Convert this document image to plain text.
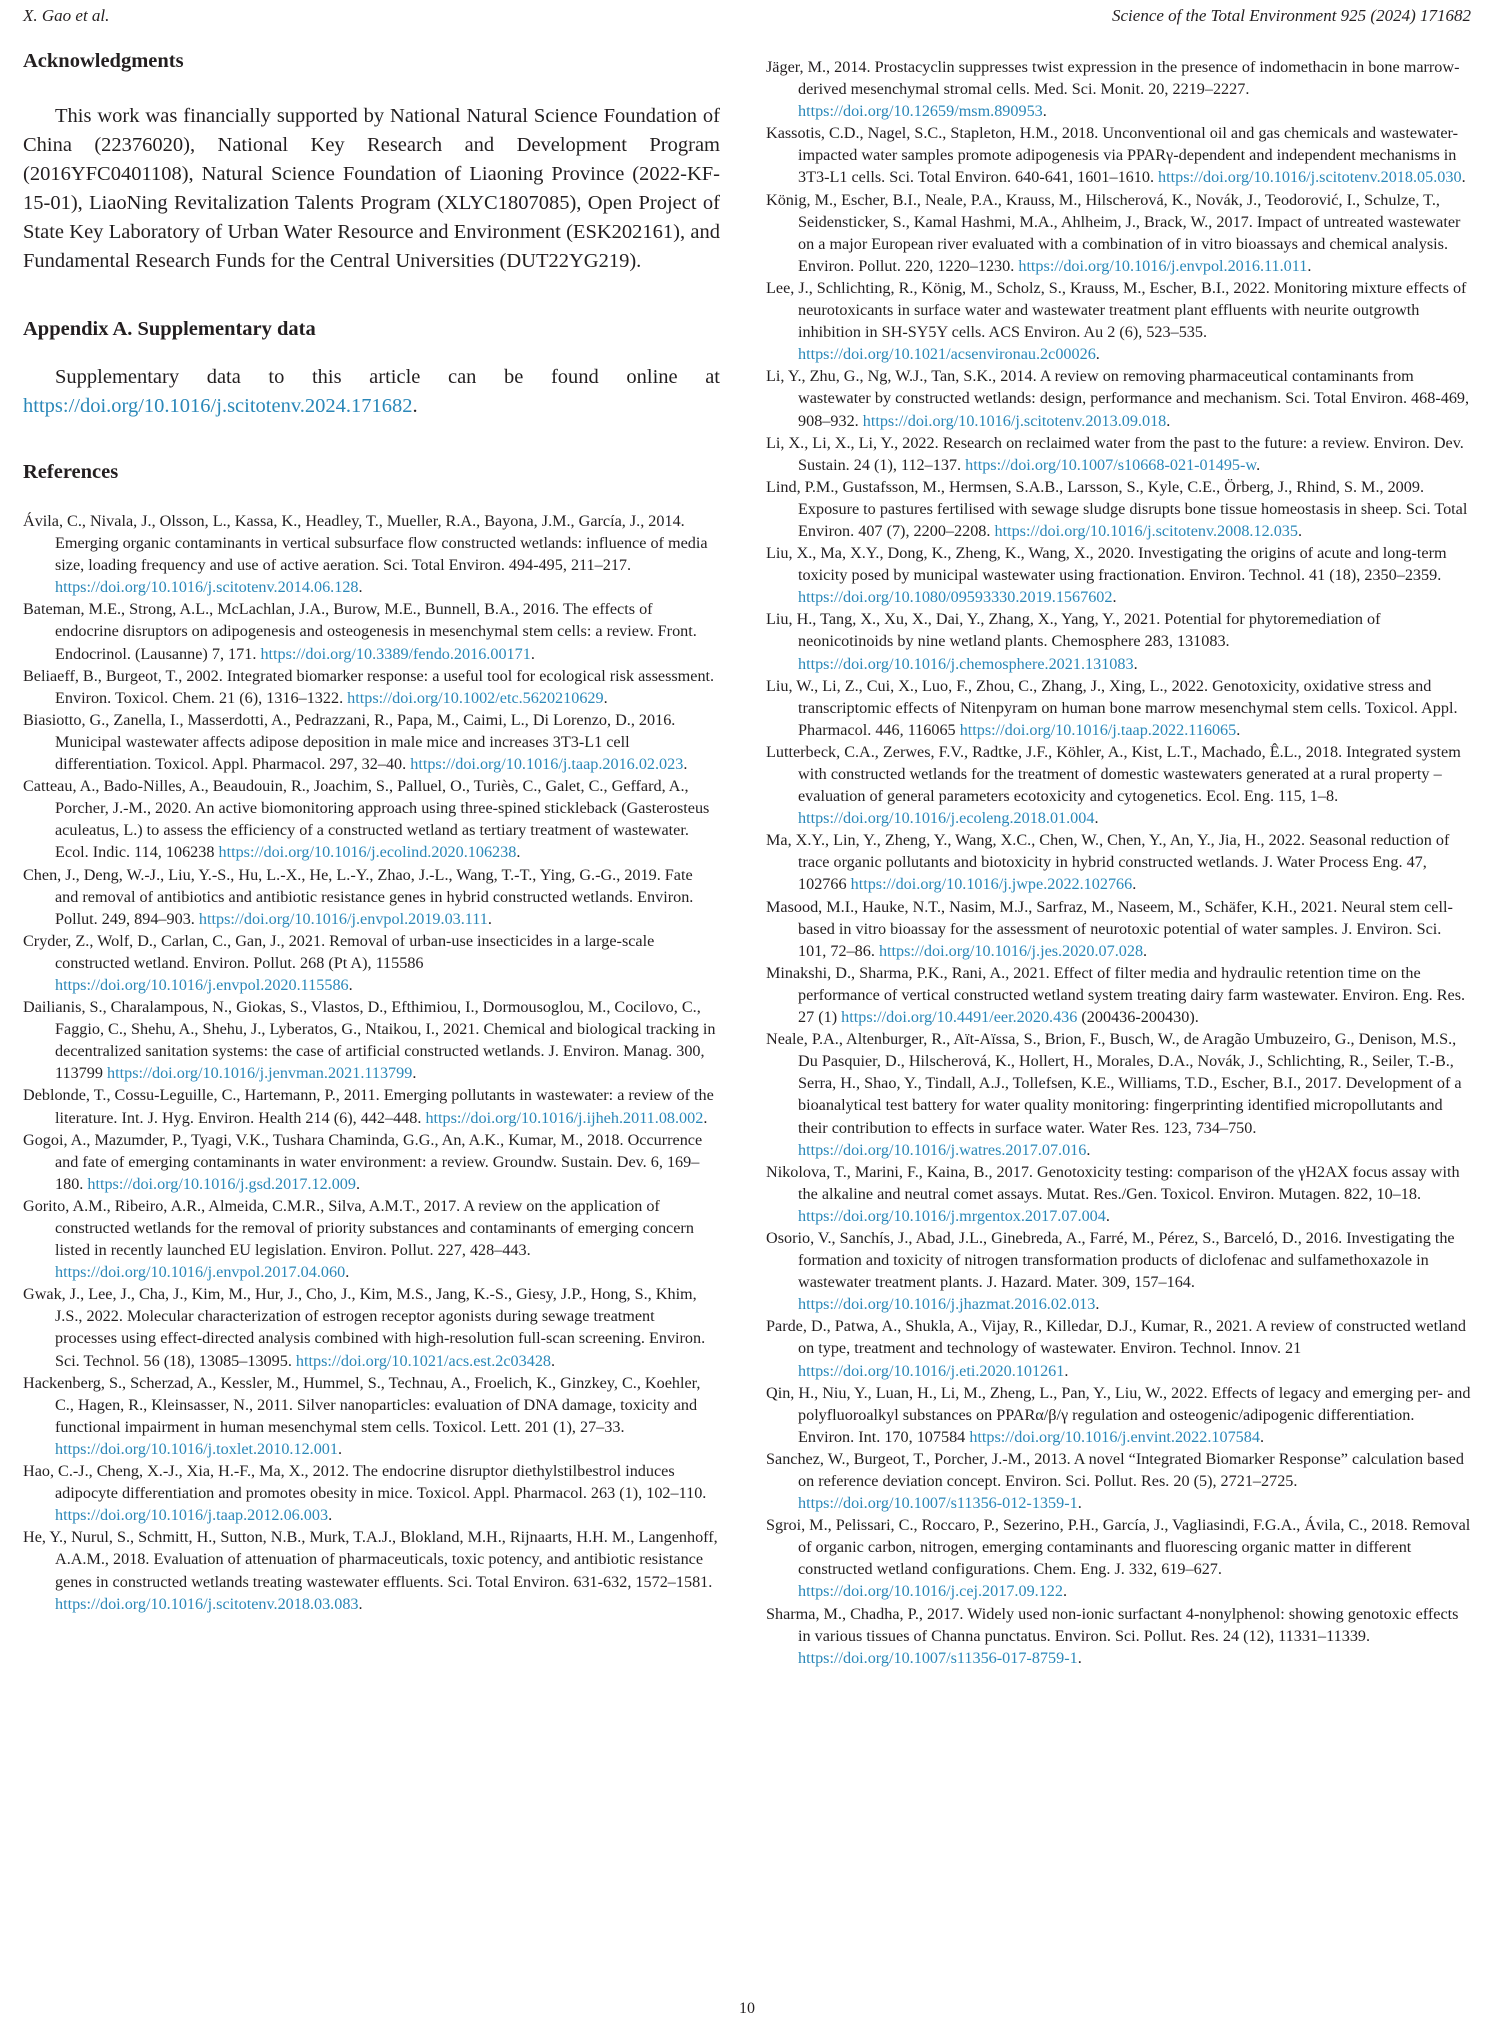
X. Gao et al.	Science of the Total Environment 925 (2024) 171682
Acknowledgments

This work was financially supported by National Natural Science Foundation of China (22376020), National Key Research and Development Program (2016YFC0401108), Natural Science Foundation of Liaoning Province (2022-KF-15-01), LiaoNing Revitalization Talents Program (XLYC1807085), Open Project of State Key Laboratory of Urban Water Resource and Environment (ESK202161), and Fundamental Research Funds for the Central Universities (DUT22YG219).

Appendix A. Supplementary data

Supplementary data to this article can be found online at https://doi.org/10.1016/j.scitotenv.2024.171682.

References

Ávila, C., Nivala, J., Olsson, L., Kassa, K., Headley, T., Mueller, R.A., Bayona, J.M., García, J., 2014. Emerging organic contaminants in vertical subsurface flow constructed wetlands: influence of media size, loading frequency and use of active aeration. Sci. Total Environ. 494-495, 211–217. https://doi.org/10.1016/j.scitotenv.2014.06.128.

Bateman, M.E., Strong, A.L., McLachlan, J.A., Burow, M.E., Bunnell, B.A., 2016. The effects of endocrine disruptors on adipogenesis and osteogenesis in mesenchymal stem cells: a review. Front. Endocrinol. (Lausanne) 7, 171. https://doi.org/10.3389/fendo.2016.00171.

Beliaeff, B., Burgeot, T., 2002. Integrated biomarker response: a useful tool for ecological risk assessment. Environ. Toxicol. Chem. 21 (6), 1316–1322. https://doi.org/10.1002/etc.5620210629.

Biasiotto, G., Zanella, I., Masserdotti, A., Pedrazzani, R., Papa, M., Caimi, L., Di Lorenzo, D., 2016. Municipal wastewater affects adipose deposition in male mice and increases 3T3-L1 cell differentiation. Toxicol. Appl. Pharmacol. 297, 32–40. https://doi.org/10.1016/j.taap.2016.02.023.

Catteau, A., Bado-Nilles, A., Beaudouin, R., Joachim, S., Palluel, O., Turiès, C., Galet, C., Geffard, A., Porcher, J.-M., 2020. An active biomonitoring approach using three-spined stickleback (Gasterosteus aculeatus, L.) to assess the efficiency of a constructed wetland as tertiary treatment of wastewater. Ecol. Indic. 114, 106238 https://doi.org/10.1016/j.ecolind.2020.106238.

Chen, J., Deng, W.-J., Liu, Y.-S., Hu, L.-X., He, L.-Y., Zhao, J.-L., Wang, T.-T., Ying, G.-G., 2019. Fate and removal of antibiotics and antibiotic resistance genes in hybrid constructed wetlands. Environ. Pollut. 249, 894–903. https://doi.org/10.1016/j.envpol.2019.03.111.

Cryder, Z., Wolf, D., Carlan, C., Gan, J., 2021. Removal of urban-use insecticides in a large-scale constructed wetland. Environ. Pollut. 268 (Pt A), 115586 https://doi.org/10.1016/j.envpol.2020.115586.

Dailianis, S., Charalampous, N., Giokas, S., Vlastos, D., Efthimiou, I., Dormousoglou, M., Cocilovo, C., Faggio, C., Shehu, A., Shehu, J., Lyberatos, G., Ntaikou, I., 2021. Chemical and biological tracking in decentralized sanitation systems: the case of artificial constructed wetlands. J. Environ. Manag. 300, 113799 https://doi.org/10.1016/j.jenvman.2021.113799.

Deblonde, T., Cossu-Leguille, C., Hartemann, P., 2011. Emerging pollutants in wastewater: a review of the literature. Int. J. Hyg. Environ. Health 214 (6), 442–448. https://doi.org/10.1016/j.ijheh.2011.08.002.

Gogoi, A., Mazumder, P., Tyagi, V.K., Tushara Chaminda, G.G., An, A.K., Kumar, M., 2018. Occurrence and fate of emerging contaminants in water environment: a review. Groundw. Sustain. Dev. 6, 169–180. https://doi.org/10.1016/j.gsd.2017.12.009.

Gorito, A.M., Ribeiro, A.R., Almeida, C.M.R., Silva, A.M.T., 2017. A review on the application of constructed wetlands for the removal of priority substances and contaminants of emerging concern listed in recently launched EU legislation. Environ. Pollut. 227, 428–443. https://doi.org/10.1016/j.envpol.2017.04.060.

Gwak, J., Lee, J., Cha, J., Kim, M., Hur, J., Cho, J., Kim, M.S., Jang, K.-S., Giesy, J.P., Hong, S., Khim, J.S., 2022. Molecular characterization of estrogen receptor agonists during sewage treatment processes using effect-directed analysis combined with high-resolution full-scan screening. Environ. Sci. Technol. 56 (18), 13085–13095. https://doi.org/10.1021/acs.est.2c03428.

Hackenberg, S., Scherzad, A., Kessler, M., Hummel, S., Technau, A., Froelich, K., Ginzkey, C., Koehler, C., Hagen, R., Kleinsasser, N., 2011. Silver nanoparticles: evaluation of DNA damage, toxicity and functional impairment in human mesenchymal stem cells. Toxicol. Lett. 201 (1), 27–33. https://doi.org/10.1016/j.toxlet.2010.12.001.

Hao, C.-J., Cheng, X.-J., Xia, H.-F., Ma, X., 2012. The endocrine disruptor diethylstilbestrol induces adipocyte differentiation and promotes obesity in mice. Toxicol. Appl. Pharmacol. 263 (1), 102–110. https://doi.org/10.1016/j.taap.2012.06.003.

He, Y., Nurul, S., Schmitt, H., Sutton, N.B., Murk, T.A.J., Blokland, M.H., Rijnaarts, H.H. M., Langenhoff, A.A.M., 2018. Evaluation of attenuation of pharmaceuticals, toxic potency, and antibiotic resistance genes in constructed wetlands treating wastewater effluents. Sci. Total Environ. 631-632, 1572–1581. https://doi.org/10.1016/j.scitotenv.2018.03.083.

Jäger, M., 2014. Prostacyclin suppresses twist expression in the presence of indomethacin in bone marrow-derived mesenchymal stromal cells. Med. Sci. Monit. 20, 2219–2227. https://doi.org/10.12659/msm.890953.

Kassotis, C.D., Nagel, S.C., Stapleton, H.M., 2018. Unconventional oil and gas chemicals and wastewater-impacted water samples promote adipogenesis via PPARγ-dependent and independent mechanisms in 3T3-L1 cells. Sci. Total Environ. 640-641, 1601–1610. https://doi.org/10.1016/j.scitotenv.2018.05.030.

König, M., Escher, B.I., Neale, P.A., Krauss, M., Hilscherová, K., Novák, J., Teodorović, I., Schulze, T., Seidensticker, S., Kamal Hashmi, M.A., Ahlheim, J., Brack, W., 2017. Impact of untreated wastewater on a major European river evaluated with a combination of in vitro bioassays and chemical analysis. Environ. Pollut. 220, 1220–1230. https://doi.org/10.1016/j.envpol.2016.11.011.

Lee, J., Schlichting, R., König, M., Scholz, S., Krauss, M., Escher, B.I., 2022. Monitoring mixture effects of neurotoxicants in surface water and wastewater treatment plant effluents with neurite outgrowth inhibition in SH-SY5Y cells. ACS Environ. Au 2 (6), 523–535. https://doi.org/10.1021/acsenvironau.2c00026.

Li, Y., Zhu, G., Ng, W.J., Tan, S.K., 2014. A review on removing pharmaceutical contaminants from wastewater by constructed wetlands: design, performance and mechanism. Sci. Total Environ. 468-469, 908–932. https://doi.org/10.1016/j.scitotenv.2013.09.018.

Li, X., Li, X., Li, Y., 2022. Research on reclaimed water from the past to the future: a review. Environ. Dev. Sustain. 24 (1), 112–137. https://doi.org/10.1007/s10668-021-01495-w.

Lind, P.M., Gustafsson, M., Hermsen, S.A.B., Larsson, S., Kyle, C.E., Örberg, J., Rhind, S. M., 2009. Exposure to pastures fertilised with sewage sludge disrupts bone tissue homeostasis in sheep. Sci. Total Environ. 407 (7), 2200–2208. https://doi.org/10.1016/j.scitotenv.2008.12.035.

Liu, X., Ma, X.Y., Dong, K., Zheng, K., Wang, X., 2020. Investigating the origins of acute and long-term toxicity posed by municipal wastewater using fractionation. Environ. Technol. 41 (18), 2350–2359. https://doi.org/10.1080/09593330.2019.1567602.

Liu, H., Tang, X., Xu, X., Dai, Y., Zhang, X., Yang, Y., 2021. Potential for phytoremediation of neonicotinoids by nine wetland plants. Chemosphere 283, 131083. https://doi.org/10.1016/j.chemosphere.2021.131083.

Liu, W., Li, Z., Cui, X., Luo, F., Zhou, C., Zhang, J., Xing, L., 2022. Genotoxicity, oxidative stress and transcriptomic effects of Nitenpyram on human bone marrow mesenchymal stem cells. Toxicol. Appl. Pharmacol. 446, 116065 https://doi.org/10.1016/j.taap.2022.116065.

Lutterbeck, C.A., Zerwes, F.V., Radtke, J.F., Köhler, A., Kist, L.T., Machado, Ê.L., 2018. Integrated system with constructed wetlands for the treatment of domestic wastewaters generated at a rural property – evaluation of general parameters ecotoxicity and cytogenetics. Ecol. Eng. 115, 1–8. https://doi.org/10.1016/j.ecoleng.2018.01.004.

Ma, X.Y., Lin, Y., Zheng, Y., Wang, X.C., Chen, W., Chen, Y., An, Y., Jia, H., 2022. Seasonal reduction of trace organic pollutants and biotoxicity in hybrid constructed wetlands. J. Water Process Eng. 47, 102766 https://doi.org/10.1016/j.jwpe.2022.102766.

Masood, M.I., Hauke, N.T., Nasim, M.J., Sarfraz, M., Naseem, M., Schäfer, K.H., 2021. Neural stem cell-based in vitro bioassay for the assessment of neurotoxic potential of water samples. J. Environ. Sci. 101, 72–86. https://doi.org/10.1016/j.jes.2020.07.028.

Minakshi, D., Sharma, P.K., Rani, A., 2021. Effect of filter media and hydraulic retention time on the performance of vertical constructed wetland system treating dairy farm wastewater. Environ. Eng. Res. 27 (1) https://doi.org/10.4491/eer.2020.436 (200436-200430).

Neale, P.A., Altenburger, R., Aït-Aïssa, S., Brion, F., Busch, W., de Aragão Umbuzeiro, G., Denison, M.S., Du Pasquier, D., Hilscherová, K., Hollert, H., Morales, D.A., Novák, J., Schlichting, R., Seiler, T.-B., Serra, H., Shao, Y., Tindall, A.J., Tollefsen, K.E., Williams, T.D., Escher, B.I., 2017. Development of a bioanalytical test battery for water quality monitoring: fingerprinting identified micropollutants and their contribution to effects in surface water. Water Res. 123, 734–750. https://doi.org/10.1016/j.watres.2017.07.016.

Nikolova, T., Marini, F., Kaina, B., 2017. Genotoxicity testing: comparison of the γH2AX focus assay with the alkaline and neutral comet assays. Mutat. Res./Gen. Toxicol. Environ. Mutagen. 822, 10–18. https://doi.org/10.1016/j.mrgentox.2017.07.004.

Osorio, V., Sanchís, J., Abad, J.L., Ginebreda, A., Farré, M., Pérez, S., Barceló, D., 2016. Investigating the formation and toxicity of nitrogen transformation products of diclofenac and sulfamethoxazole in wastewater treatment plants. J. Hazard. Mater. 309, 157–164. https://doi.org/10.1016/j.jhazmat.2016.02.013.

Parde, D., Patwa, A., Shukla, A., Vijay, R., Killedar, D.J., Kumar, R., 2021. A review of constructed wetland on type, treatment and technology of wastewater. Environ. Technol. Innov. 21 https://doi.org/10.1016/j.eti.2020.101261.

Qin, H., Niu, Y., Luan, H., Li, M., Zheng, L., Pan, Y., Liu, W., 2022. Effects of legacy and emerging per- and polyfluoroalkyl substances on PPARα/β/γ regulation and osteogenic/adipogenic differentiation. Environ. Int. 170, 107584 https://doi.org/10.1016/j.envint.2022.107584.

Sanchez, W., Burgeot, T., Porcher, J.-M., 2013. A novel “Integrated Biomarker Response” calculation based on reference deviation concept. Environ. Sci. Pollut. Res. 20 (5), 2721–2725. https://doi.org/10.1007/s11356-012-1359-1.

Sgroi, M., Pelissari, C., Roccaro, P., Sezerino, P.H., García, J., Vagliasindi, F.G.A., Ávila, C., 2018. Removal of organic carbon, nitrogen, emerging contaminants and fluorescing organic matter in different constructed wetland configurations. Chem. Eng. J. 332, 619–627. https://doi.org/10.1016/j.cej.2017.09.122.

Sharma, M., Chadha, P., 2017. Widely used non-ionic surfactant 4-nonylphenol: showing genotoxic effects in various tissues of Channa punctatus. Environ. Sci. Pollut. Res. 24 (12), 11331–11339. https://doi.org/10.1007/s11356-017-8759-1.

10
